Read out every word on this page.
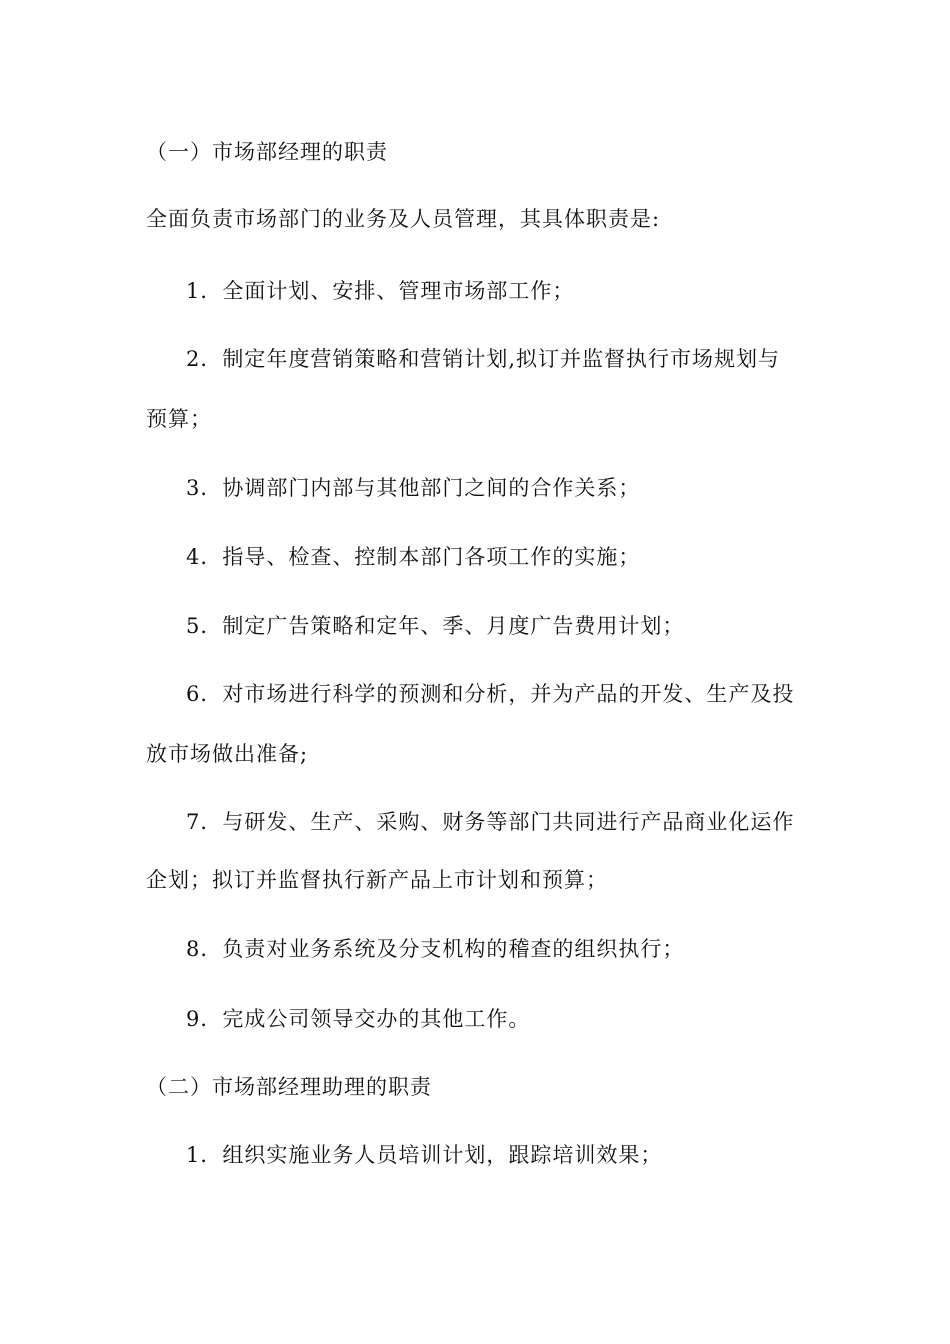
（一）市场部经理的职责
全面负责市场部门的业务及人员管理，其具体职责是:
1．全面计划、安排、管理市场部工作；
2．制定年度营销策略和营销计划,拟订并监督执行市场规划与
预算；
3．协调部门内部与其他部门之间的合作关系；
4．指导、检查、控制本部门各项工作的实施；
5．制定广告策略和定年、季、月度广告费用计划；
6．对市场进行科学的预测和分析，并为产品的开发、生产及投
放市场做出准备;
7．与研发、生产、采购、财务等部门共同进行产品商业化运作
企划；拟订并监督执行新产品上市计划和预算；
8．负责对业务系统及分支机构的稽查的组织执行；
9．完成公司领导交办的其他工作。
（二）市场部经理助理的职责
1．组织实施业务人员培训计划，跟踪培训效果；
